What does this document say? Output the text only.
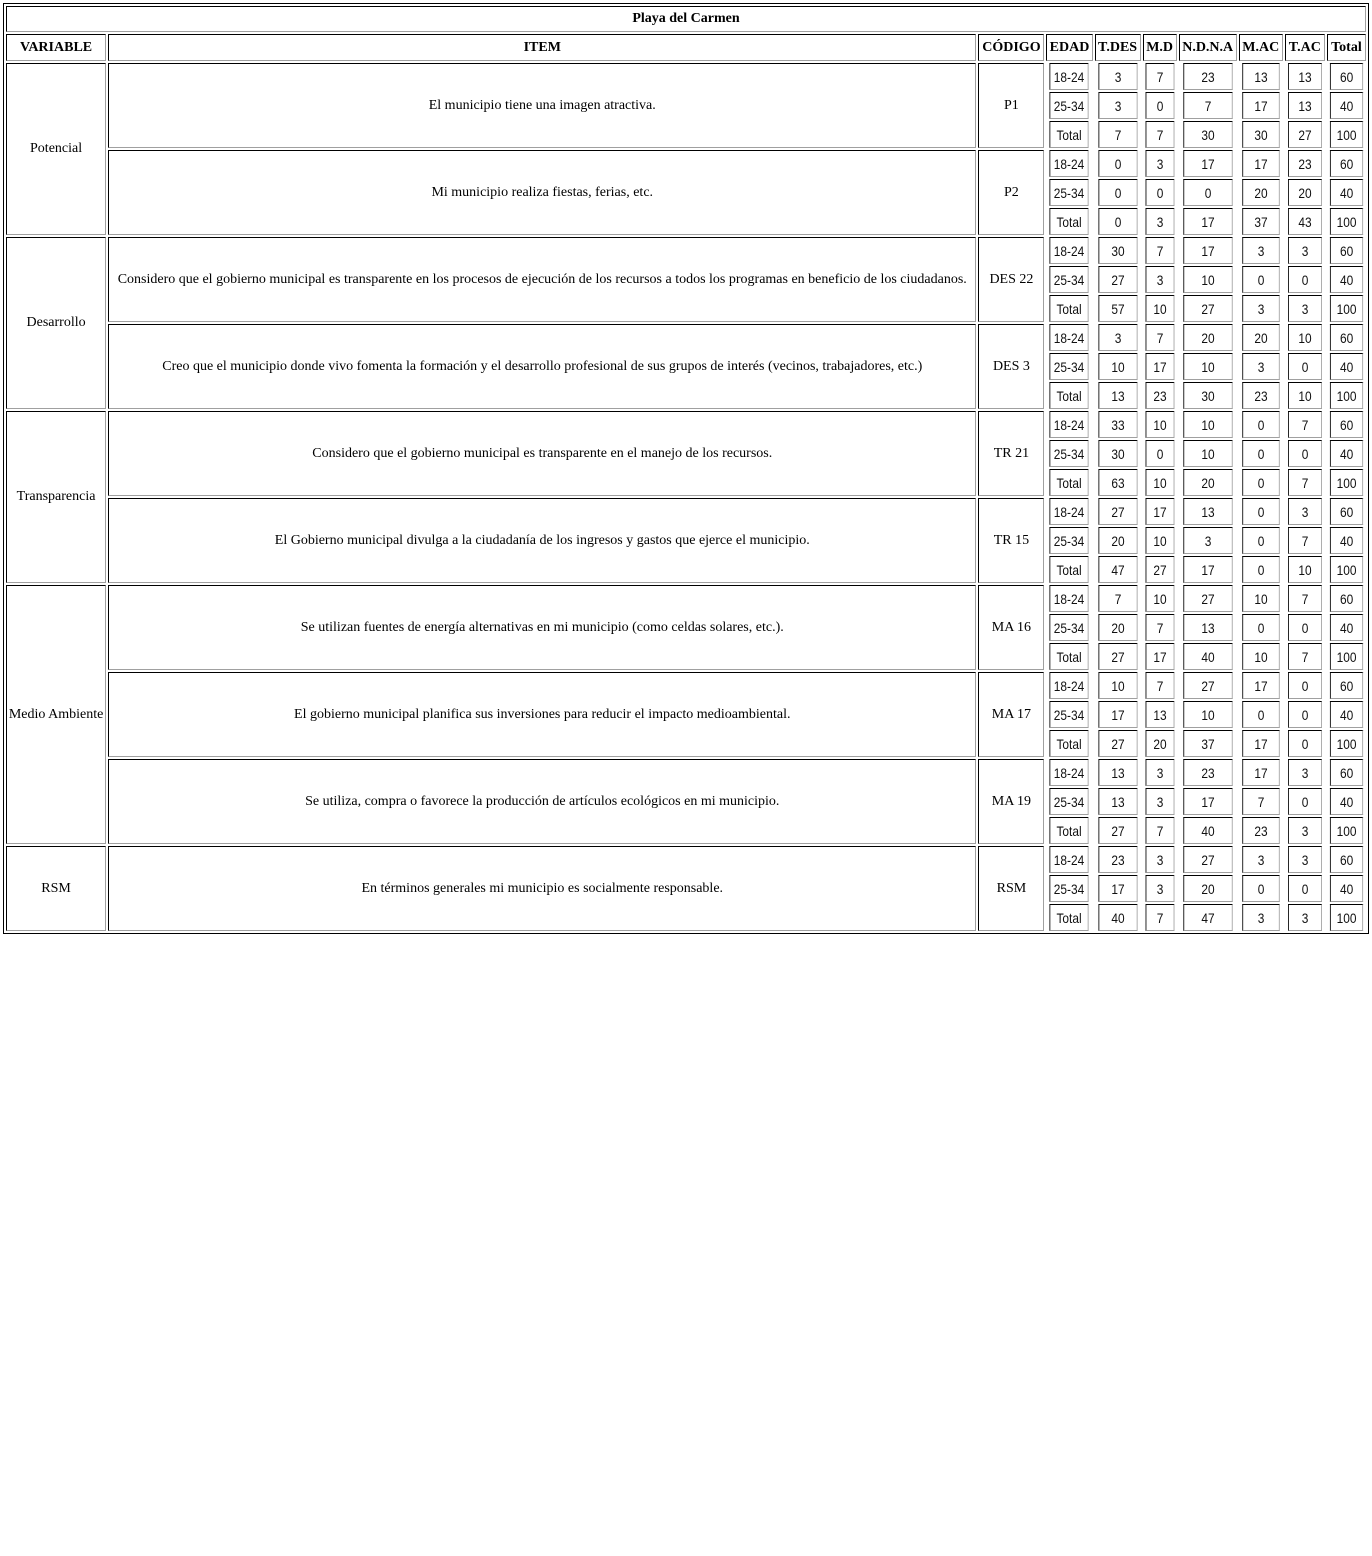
Playa del Carmen									
VARIABLE	ITEM	CÓDIGO	EDAD	T.DES	M.D	N.D.N.A	M.AC	T.AC	Total
Potencial	El municipio tiene una imagen atractiva.	P1	18-24	3	7	23	13	13	60
			25-34	3	0	7	17	13	40
			Total	7	7	30	30	27	100
	Mi municipio realiza fiestas, ferias, etc.	P2	18-24	0	3	17	17	23	60
			25-34	0	0	0	20	20	40
			Total	0	3	17	37	43	100
Desarrollo	Considero que el gobierno municipal es transparente en los procesos de ejecución de los recursos a todos los programas en beneficio de los ciudadanos.	DES 22	18-24	30	7	17	3	3	60
			25-34	27	3	10	0	0	40
			Total	57	10	27	3	3	100
	Creo que el municipio donde vivo fomenta la formación y el desarrollo profesional de sus grupos de interés (vecinos, trabajadores, etc.)	DES 3	18-24	3	7	20	20	10	60
			25-34	10	17	10	3	0	40
			Total	13	23	30	23	10	100
Transparencia	Considero que el gobierno municipal es transparente en el manejo de los recursos.	TR 21	18-24	33	10	10	0	7	60
			25-34	30	0	10	0	0	40
			Total	63	10	20	0	7	100
	El Gobierno municipal divulga a la ciudadanía de los ingresos y gastos que ejerce el municipio.	TR 15	18-24	27	17	13	0	3	60
			25-34	20	10	3	0	7	40
			Total	47	27	17	0	10	100
Medio Ambiente	Se utilizan fuentes de energía alternativas en mi municipio (como celdas solares, etc.).	MA 16	18-24	7	10	27	10	7	60
			25-34	20	7	13	0	0	40
			Total	27	17	40	10	7	100
	El gobierno municipal planifica sus inversiones para reducir el impacto medioambiental.	MA 17	18-24	10	7	27	17	0	60
			25-34	17	13	10	0	0	40
			Total	27	20	37	17	0	100
	Se utiliza, compra o favorece la producción de artículos ecológicos en mi municipio.	MA 19	18-24	13	3	23	17	3	60
			25-34	13	3	17	7	0	40
			Total	27	7	40	23	3	100
RSM	En términos generales mi municipio es socialmente responsable.	RSM	18-24	23	3	27	3	3	60
			25-34	17	3	20	0	0	40
			Total	40	7	47	3	3	100
